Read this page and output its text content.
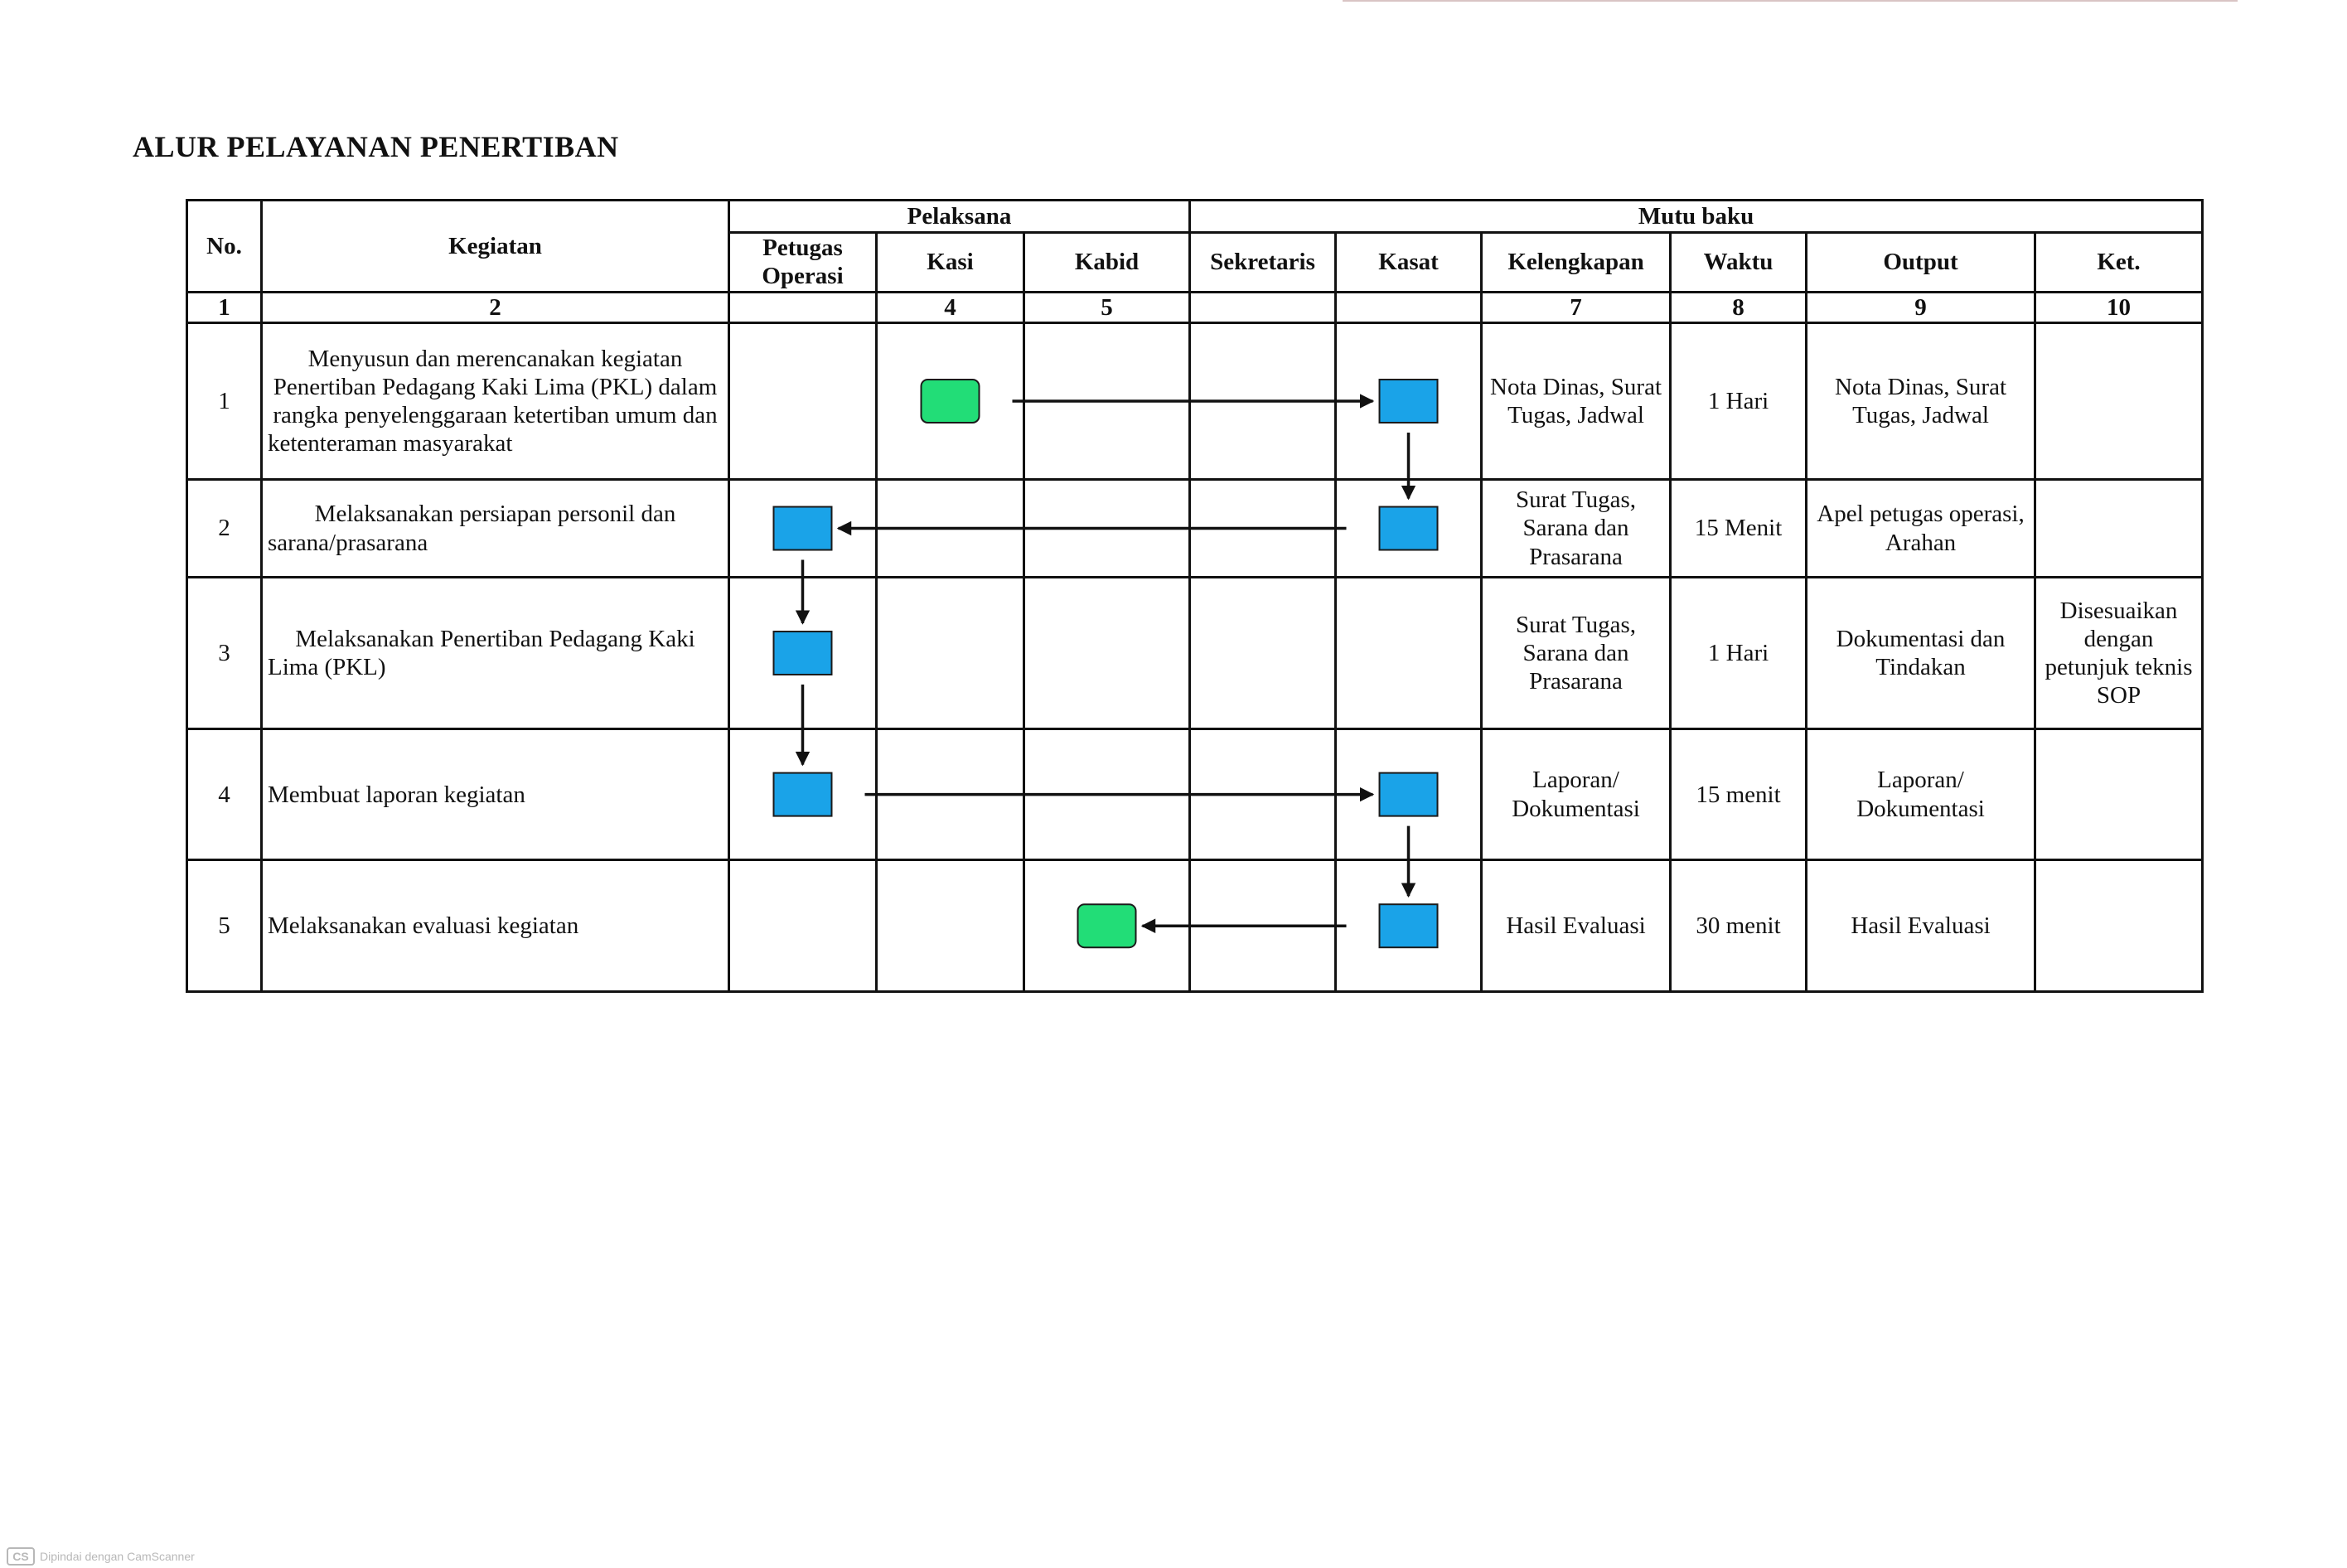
ALUR PELAYANAN PENERTIBAN
No.	Kegiatan	Pelaksana			Mutu baku					
		Petugas Operasi	Kasi	Kabid	Sekretaris	Kasat	Kelengkapan	Waktu	Output	Ket.
1	2		4	5			7	8	9	10
1	Menyusun dan merencanakan kegiatan Penertiban Pedagang Kaki Lima (PKL) dalam rangka penyelenggaraan ketertiban umum dan ketenteraman masyarakat						Nota Dinas, Surat Tugas, Jadwal	1 Hari	Nota Dinas, Surat Tugas, Jadwal	
2	Melaksanakan persiapan personil dan sarana/prasarana						Surat Tugas, Sarana dan Prasarana	15 Menit	Apel petugas operasi, Arahan	
3	Melaksanakan Penertiban Pedagang Kaki Lima (PKL)						Surat Tugas, Sarana dan Prasarana	1 Hari	Dokumentasi dan Tindakan	Disesuaikan dengan petunjuk teknis SOP
4	Membuat laporan kegiatan						Laporan/ Dokumentasi	15 menit	Laporan/ Dokumentasi	
5	Melaksanakan evaluasi kegiatan						Hasil Evaluasi	30 menit	Hasil Evaluasi	
CS Dipindai dengan CamScanner
